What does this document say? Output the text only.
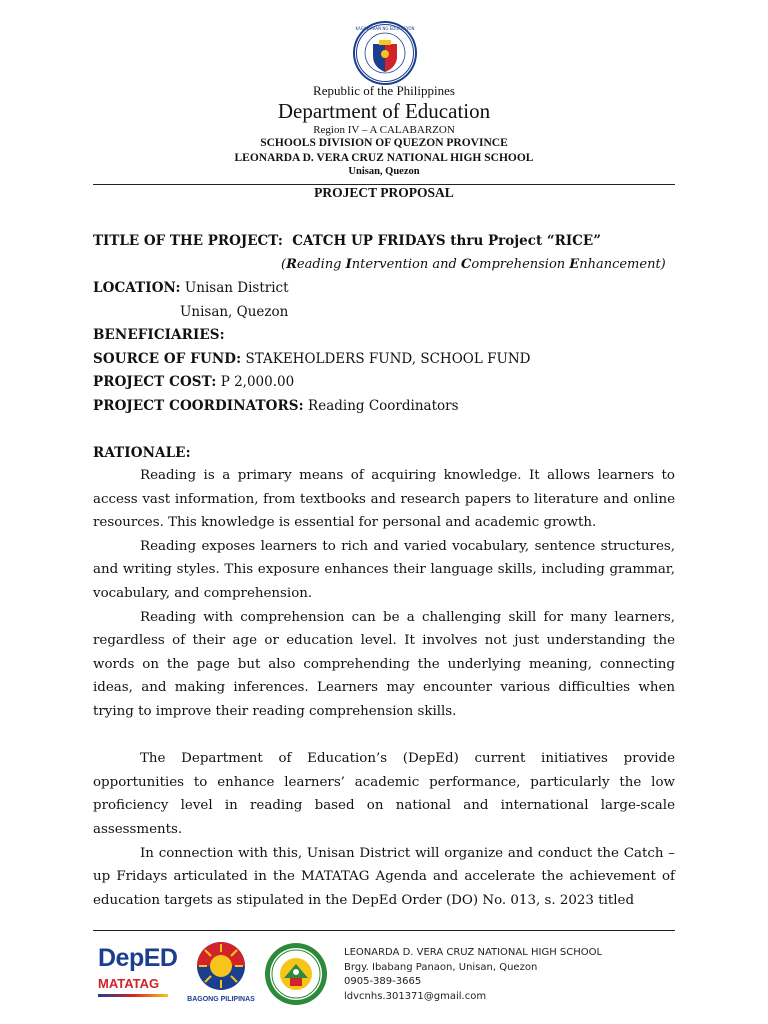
KAGAWARAN NG EDUKASYON
Republic of the Philippines
Department of Education
Region IV – A CALABARZON
SCHOOLS DIVISION OF QUEZON PROVINCE
LEONARDA D. VERA CRUZ NATIONAL HIGH SCHOOL
Unisan, Quezon
PROJECT PROPOSAL
TITLE OF THE PROJECT: CATCH UP FRIDAYS thru Project “RICE”
(Reading Intervention and Comprehension Enhancement)
LOCATION: Unisan District
Unisan, Quezon
BENEFICIARIES:
SOURCE OF FUND: STAKEHOLDERS FUND, SCHOOL FUND
PROJECT COST: P 2,000.00
PROJECT COORDINATORS: Reading Coordinators
RATIONALE:

Reading is a primary means of acquiring knowledge. It allows learners to access vast information, from textbooks and research papers to literature and online resources. This knowledge is essential for personal and academic growth.

Reading exposes learners to rich and varied vocabulary, sentence structures, and writing styles. This exposure enhances their language skills, including grammar, vocabulary, and comprehension.

Reading with comprehension can be a challenging skill for many learners, regardless of their age or education level. It involves not just understanding the words on the page but also comprehending the underlying meaning, connecting ideas, and making inferences. Learners may encounter various difficulties when trying to improve their reading comprehension skills.

The Department of Education’s (DepEd) current initiatives provide opportunities to enhance learners’ academic performance, particularly the low proficiency level in reading based on national and international large-scale assessments.

In connection with this, Unisan District will organize and conduct the Catch – up Fridays articulated in the MATATAG Agenda and accelerate the achievement of education targets as stipulated in the DepEd Order (DO) No. 013, s. 2023 titled

DepED
MATATAG
BAGONG PILIPINAS
LEONARDA D. VERA CRUZ NATIONAL HIGH SCHOOL
Brgy. Ibabang Panaon, Unisan, Quezon
0905-389-3665
ldvcnhs.301371@gmail.com
